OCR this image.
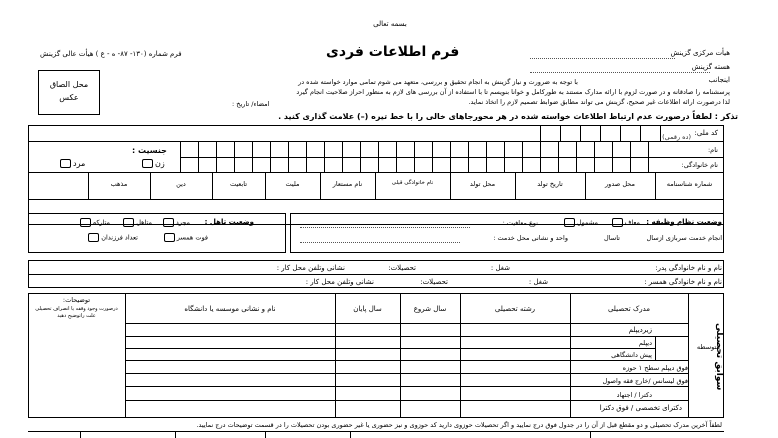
بسمه تعالی
فرم شماره (۱۳۰- ۸۷- ه - ع ) هیأت عالی گزینش	فرم اطلاعات فردی	هیأت مرکزی گزینش
هسته گزینش
اینجانب
با توجه به ضرورت و نیاز گزینش به انجام تحقیق و بررسی، متعهد می شوم تمامی موارد خواسته شده در
پرسشنامه را صادقانه و در صورت لزوم با ارائه مدارک مستند به طورکامل و خوانا بنویسم تا با استفاده از آن بررسی های لازم به منظور احراز صلاحیت انجام گیرد
لذا درصورت ارائه اطلاعات غیر صحیح، گزینش می تواند مطابق ضوابط تصمیم لازم را اتخاذ نماید.
امضاء/ تاریخ :
تذکر : لطفاً درصورت عدم ارتباط اطلاعات خواسته شده در هر محورجاهای خالی را با خط تیره (–) علامت گذاری کنید .
محل الصاق
عکس
کد ملی:
(ده رقمی)
نام:
نام خانوادگی:
جنسیت :
زن
مرد
شماره شناسنامه
محل صدور
تاریخ تولد
محل تولد
نام خانوادگی قبلی
نام مستعار
ملیت
تابعیت
دین
مذهب
وضعیت نظام وظیفه :
معاف
مشمول
نوع معافیت :
انجام خدمت سربازی ازسال
تاسال
واحد و نشانی محل خدمت :
وضعیت تاهل :
مجرد
متاهل
متارکه
فوت همسر
تعداد فرزندان
نام و نام خانوادگی پدر:
شغل :
تحصیلات:
نشانی وتلفن محل کار :
نام و نام خانوادگی همسر :
شغل :
تحصیلات:
نشانی وتلفن محل کار :
سوابق تحصیلی
مدرک تحصیلی
رشته تحصیلی
سال شروع
سال پایان
نام و نشانی موسسه یا دانشگاه
توضیحات:
درصورت وجود وقفه یا انصراف تحصیلی علت راتوضیح دهید
متوسطه
زیردیپلم
دیپلم
پیش دانشگاهی
فوق دیپلم سطح ۱ حوزه
فوق لیسانس /خارج فقه واصول
دکترا / اجتهاد
دکترای تخصصی / فوق دکترا
لطفاً آخرین مدرک تحصیلی و دو مقطع قبل از آن را در جدول فوق درج نمایید و اگر تحصیلات حوزوی دارید کد حوزوی و نیز حضوری یا غیر حضوری بودن تحصیلات را در قسمت توضیحات درج نمایید.
